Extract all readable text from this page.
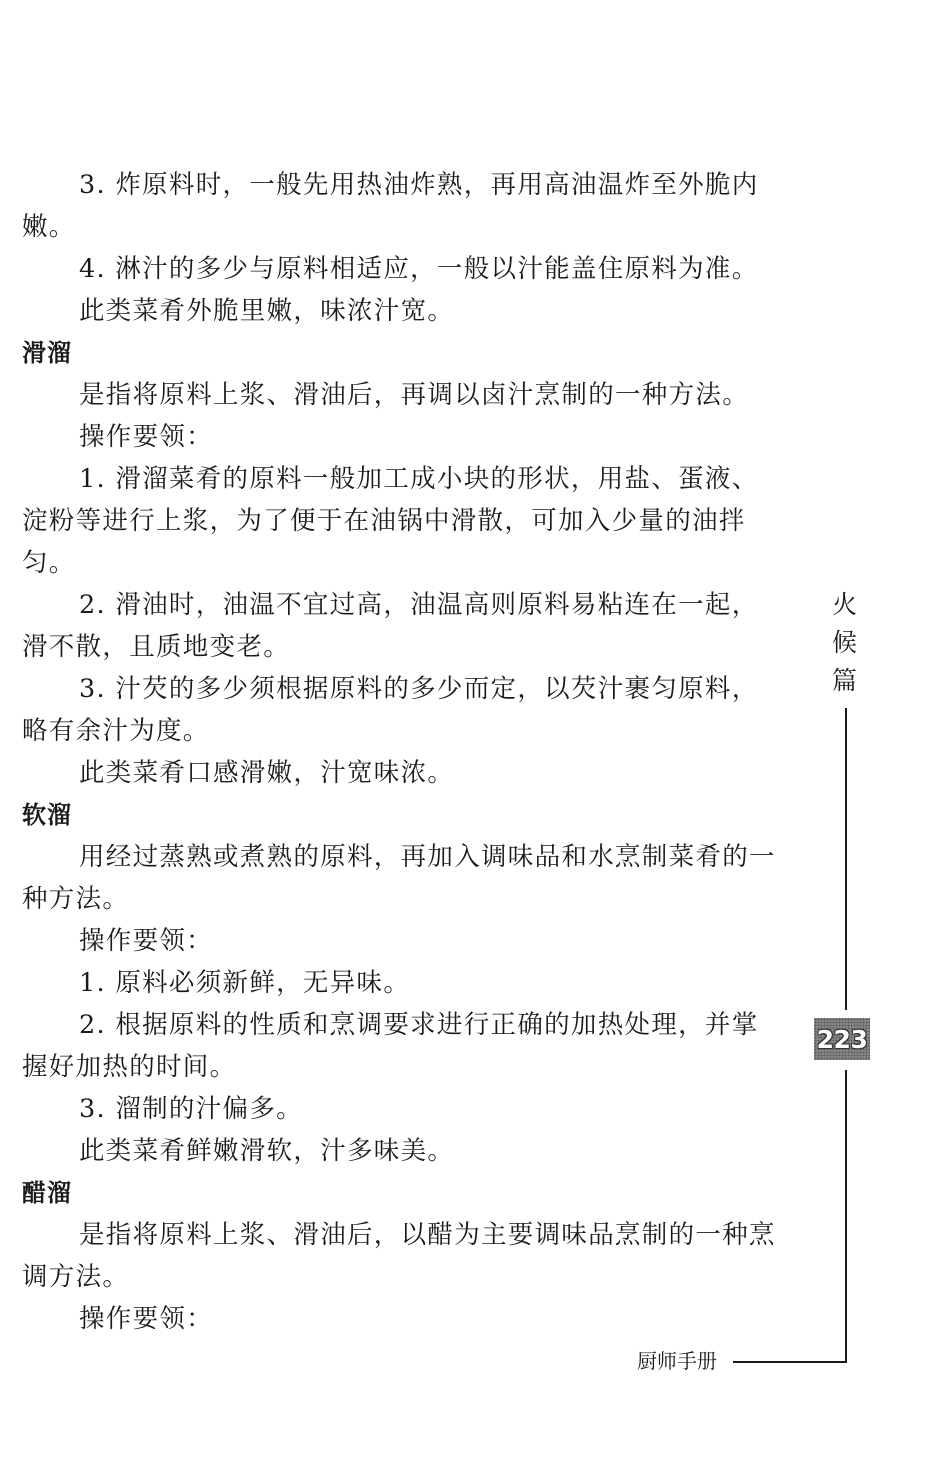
3. 炸原料时，一般先用热油炸熟，再用高油温炸至外脆内
嫩。
4. 淋汁的多少与原料相适应，一般以汁能盖住原料为准。
此类菜肴外脆里嫩，味浓汁宽。
滑溜
是指将原料上浆、滑油后，再调以卤汁烹制的一种方法。
操作要领：
1. 滑溜菜肴的原料一般加工成小块的形状，用盐、蛋液、
淀粉等进行上浆，为了便于在油锅中滑散，可加入少量的油拌
匀。
2. 滑油时，油温不宜过高，油温高则原料易粘连在一起，
滑不散，且质地变老。
3. 汁芡的多少须根据原料的多少而定，以芡汁裹匀原料，
略有余汁为度。
此类菜肴口感滑嫩，汁宽味浓。
软溜
用经过蒸熟或煮熟的原料，再加入调味品和水烹制菜肴的一
种方法。
操作要领：
1. 原料必须新鲜，无异味。
2. 根据原料的性质和烹调要求进行正确的加热处理，并掌
握好加热的时间。
3. 溜制的汁偏多。
此类菜肴鲜嫩滑软，汁多味美。
醋溜
是指将原料上浆、滑油后，以醋为主要调味品烹制的一种烹
调方法。
操作要领：
火
候
篇
223
厨师手册
